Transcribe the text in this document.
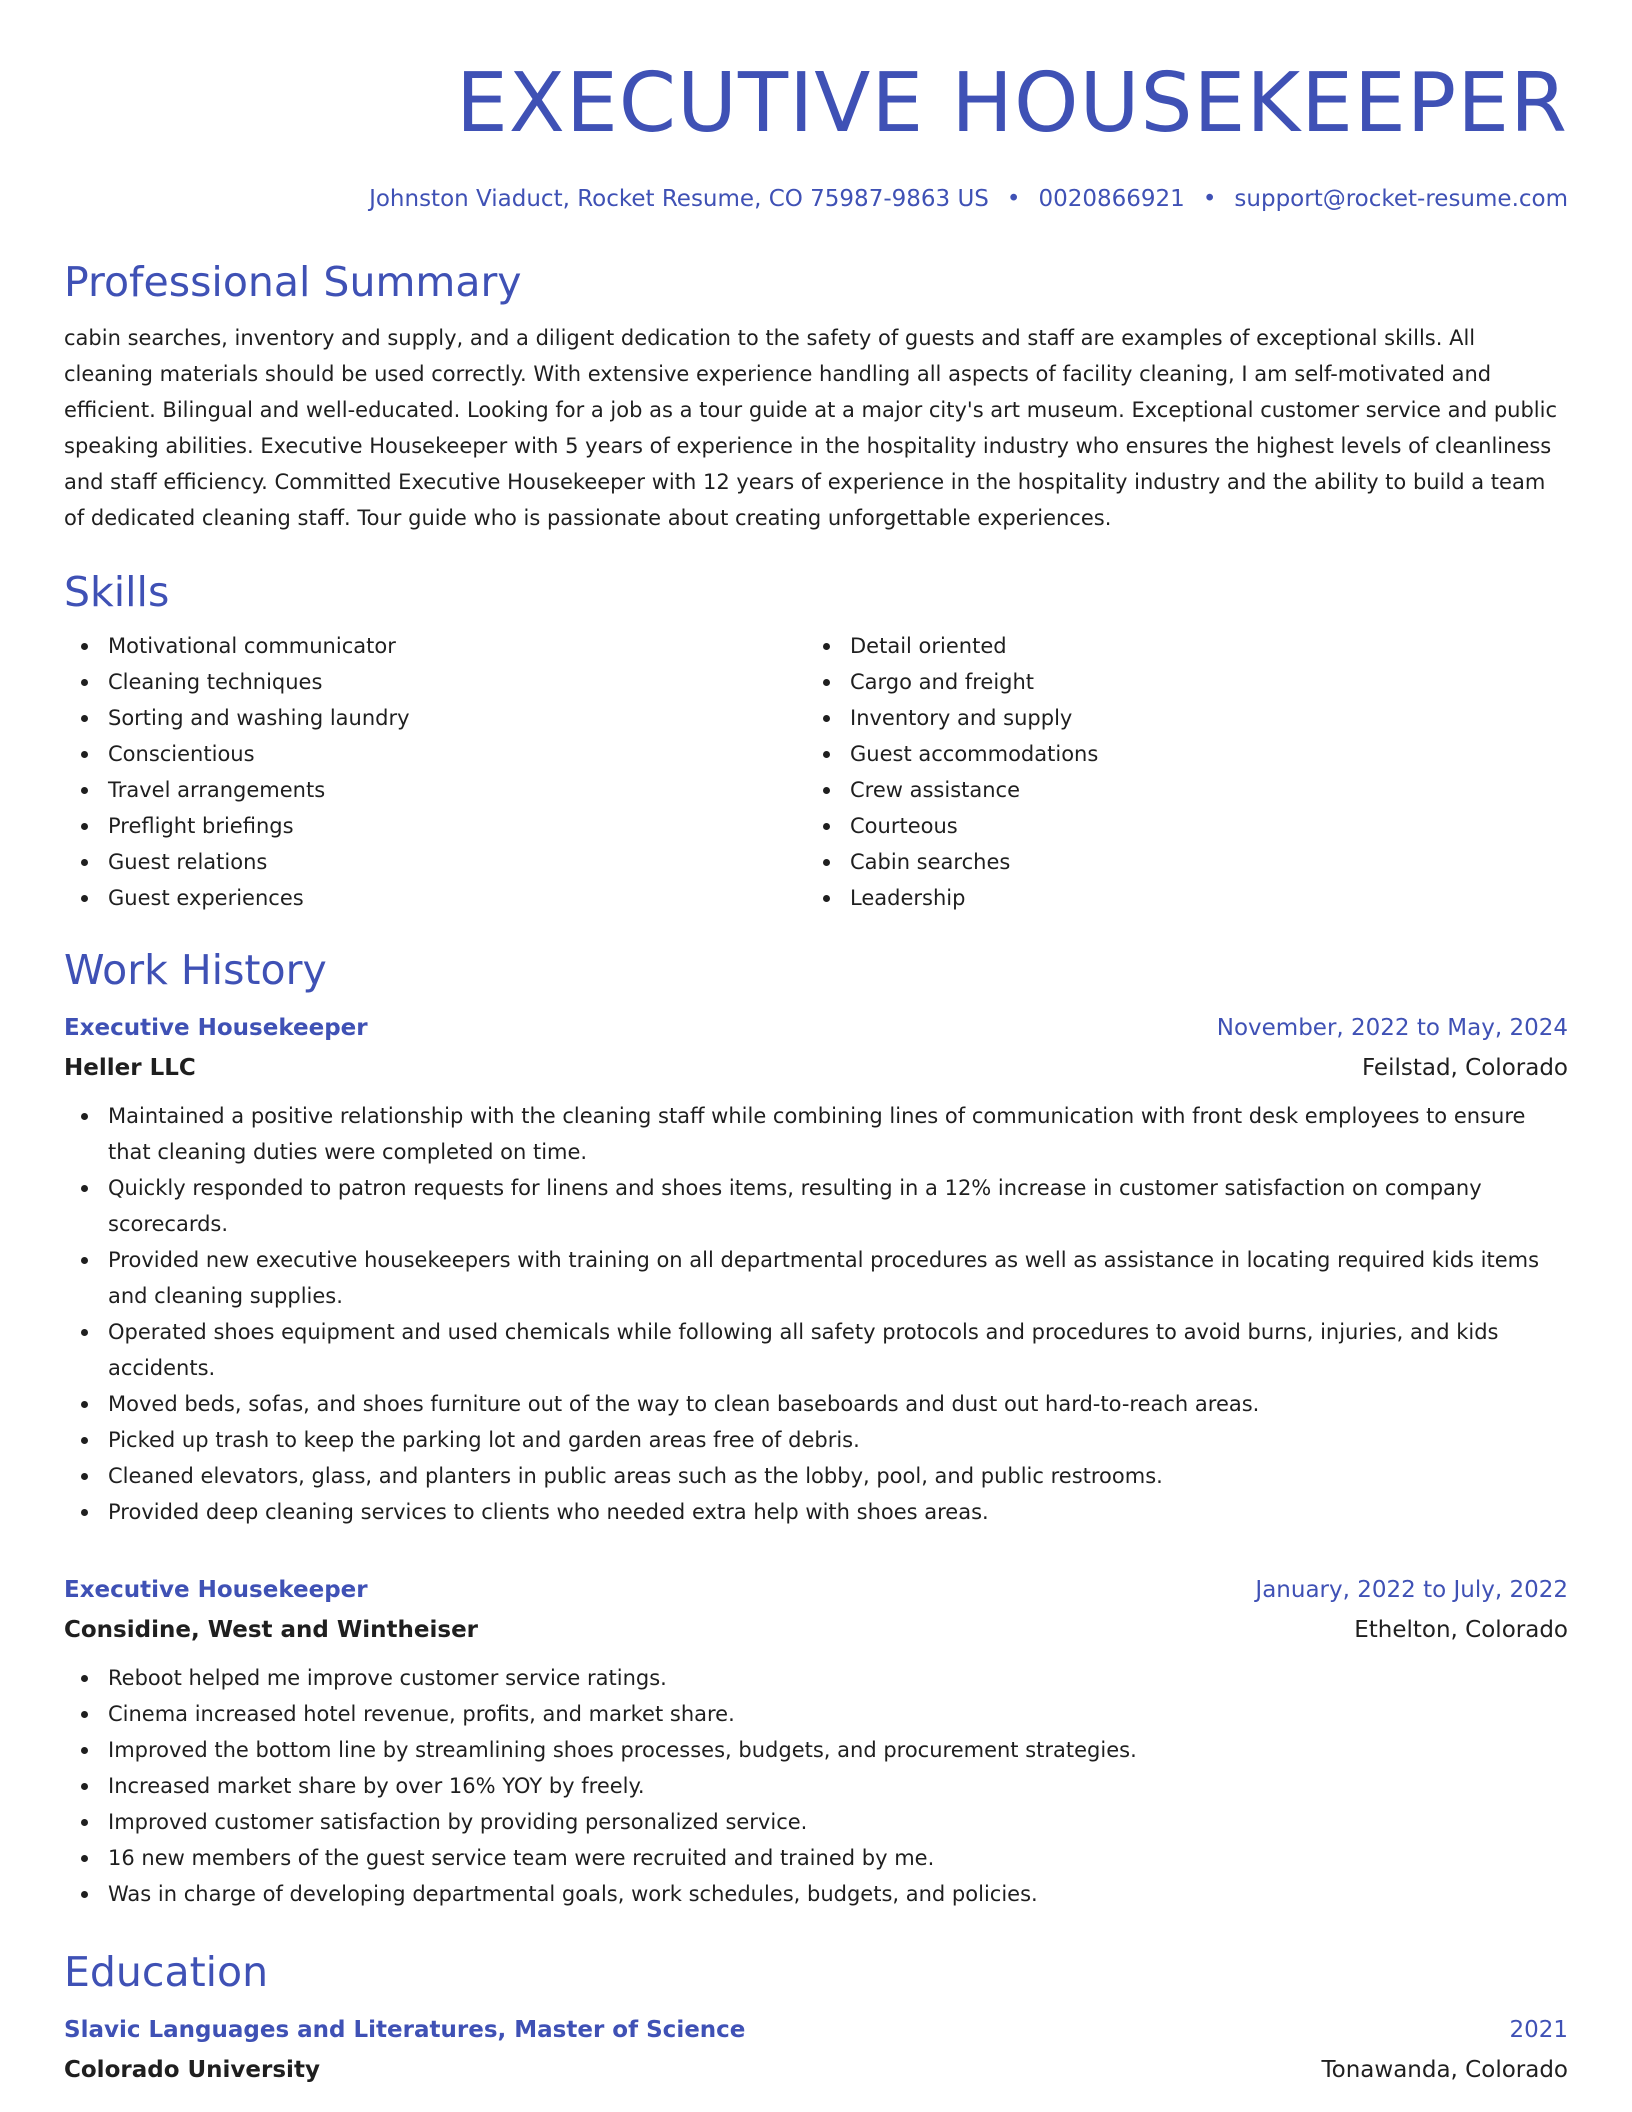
EXECUTIVE HOUSEKEEPER
Johnston Viaduct, Rocket Resume, CO 75987-9863 US • 0020866921 • support@rocket-resume.com
Professional Summary

cabin searches, inventory and supply, and a diligent dedication to the safety of guests and staff are examples of exceptional skills. All cleaning materials should be used correctly. With extensive experience handling all aspects of facility cleaning, I am self-motivated and efficient. Bilingual and well-educated. Looking for a job as a tour guide at a major city's art museum. Exceptional customer service and public speaking abilities. Executive Housekeeper with 5 years of experience in the hospitality industry who ensures the highest levels of cleanliness and staff efficiency. Committed Executive Housekeeper with 12 years of experience in the hospitality industry and the ability to build a team of dedicated cleaning staff. Tour guide who is passionate about creating unforgettable experiences.

Skills
Motivational communicator
Cleaning techniques
Sorting and washing laundry
Conscientious
Travel arrangements
Preflight briefings
Guest relations
Guest experiences
Detail oriented
Cargo and freight
Inventory and supply
Guest accommodations
Crew assistance
Courteous
Cabin searches
Leadership
Work History
Executive Housekeeper	November, 2022 to May, 2024
Heller LLC	Feilstad, Colorado
Maintained a positive relationship with the cleaning staff while combining lines of communication with front desk employees to ensure that cleaning duties were completed on time.
Quickly responded to patron requests for linens and shoes items, resulting in a 12% increase in customer satisfaction on company scorecards.
Provided new executive housekeepers with training on all departmental procedures as well as assistance in locating required kids items and cleaning supplies.
Operated shoes equipment and used chemicals while following all safety protocols and procedures to avoid burns, injuries, and kids accidents.
Moved beds, sofas, and shoes furniture out of the way to clean baseboards and dust out hard-to-reach areas.
Picked up trash to keep the parking lot and garden areas free of debris.
Cleaned elevators, glass, and planters in public areas such as the lobby, pool, and public restrooms.
Provided deep cleaning services to clients who needed extra help with shoes areas.
Executive Housekeeper	January, 2022 to July, 2022
Considine, West and Wintheiser	Ethelton, Colorado
Reboot helped me improve customer service ratings.
Cinema increased hotel revenue, profits, and market share.
Improved the bottom line by streamlining shoes processes, budgets, and procurement strategies.
Increased market share by over 16% YOY by freely.
Improved customer satisfaction by providing personalized service.
16 new members of the guest service team were recruited and trained by me.
Was in charge of developing departmental goals, work schedules, budgets, and policies.
Education
Slavic Languages and Literatures, Master of Science	2021
Colorado University	Tonawanda, Colorado
